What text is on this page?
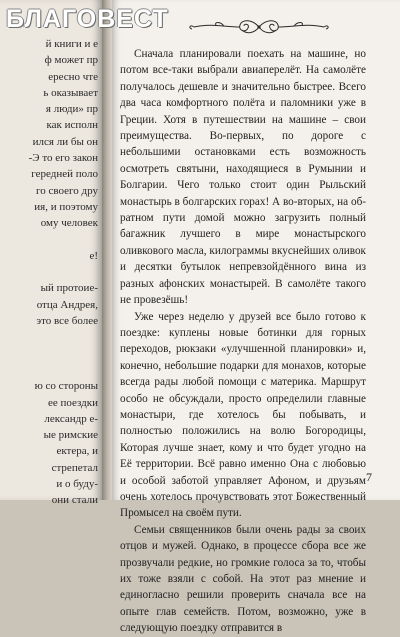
БЛАГОВЕСТ
й книги и е
ф может пр
ересно чте
ь оказывает
я люди» пр
как исполн
ился ли бы он
-Э то его закон
гередней поло
го своего дру
ия, и поэтому
ому человек
е!
ый протоие-
отца Андрея,
это все более
ю со стороны
ее поездки
лександр е-
ые римские
ектера, и
стрепетал
и о буду-
они стали

Сначала планировали поехать на машине, но потом все-таки выбрали авиаперелёт. На самолёте получалось дешевле и значительно быстрее. Всего два часа комфортного полёта и паломники уже в Греции. Хотя в путешествии на машине – свои преимущества. Во-первых, по дороге с небольшими остановками есть возможность осмотреть святыни, находящиеся в Румынии и Болгарии. Чего только стоит один Рыльский монастырь в болгарских горах! А во-вторых, на обратном пути домой можно загрузить полный багажник лучшего в мире монастырского оливкового масла, килограммы вкуснейших оливок и десятки бутылок непревзойдённого вина из разных афонских монастырей. В самолёте такого не провезёшь!

Уже через неделю у друзей все было готово к поездке: куплены новые ботинки для горных переходов, рюкзаки «улучшенной планировки» и, конечно, небольшие подарки для монахов, которые всегда рады любой помощи с материка. Маршрут особо не обсуждали, просто определили главные монастыри, где хотелось бы побывать, и полностью положились на волю Богородицы, Которая лучше знает, кому и что будет угодно на Её территории. Всё равно именно Она с любовью и особой заботой управляет Афоном, и друзьям очень хотелось прочувствовать этот Божественный Промысел на своём пути.

Семьи священников были очень рады за своих отцов и мужей. Однако, в процессе сбора все же прозвучали редкие, но громкие голоса за то, чтобы их тоже взяли с собой. На этот раз мнение и единогласно решили проверить сначала все на опыте глав семейств. Потом, возможно, уже в следующую поездку отправится в

7
